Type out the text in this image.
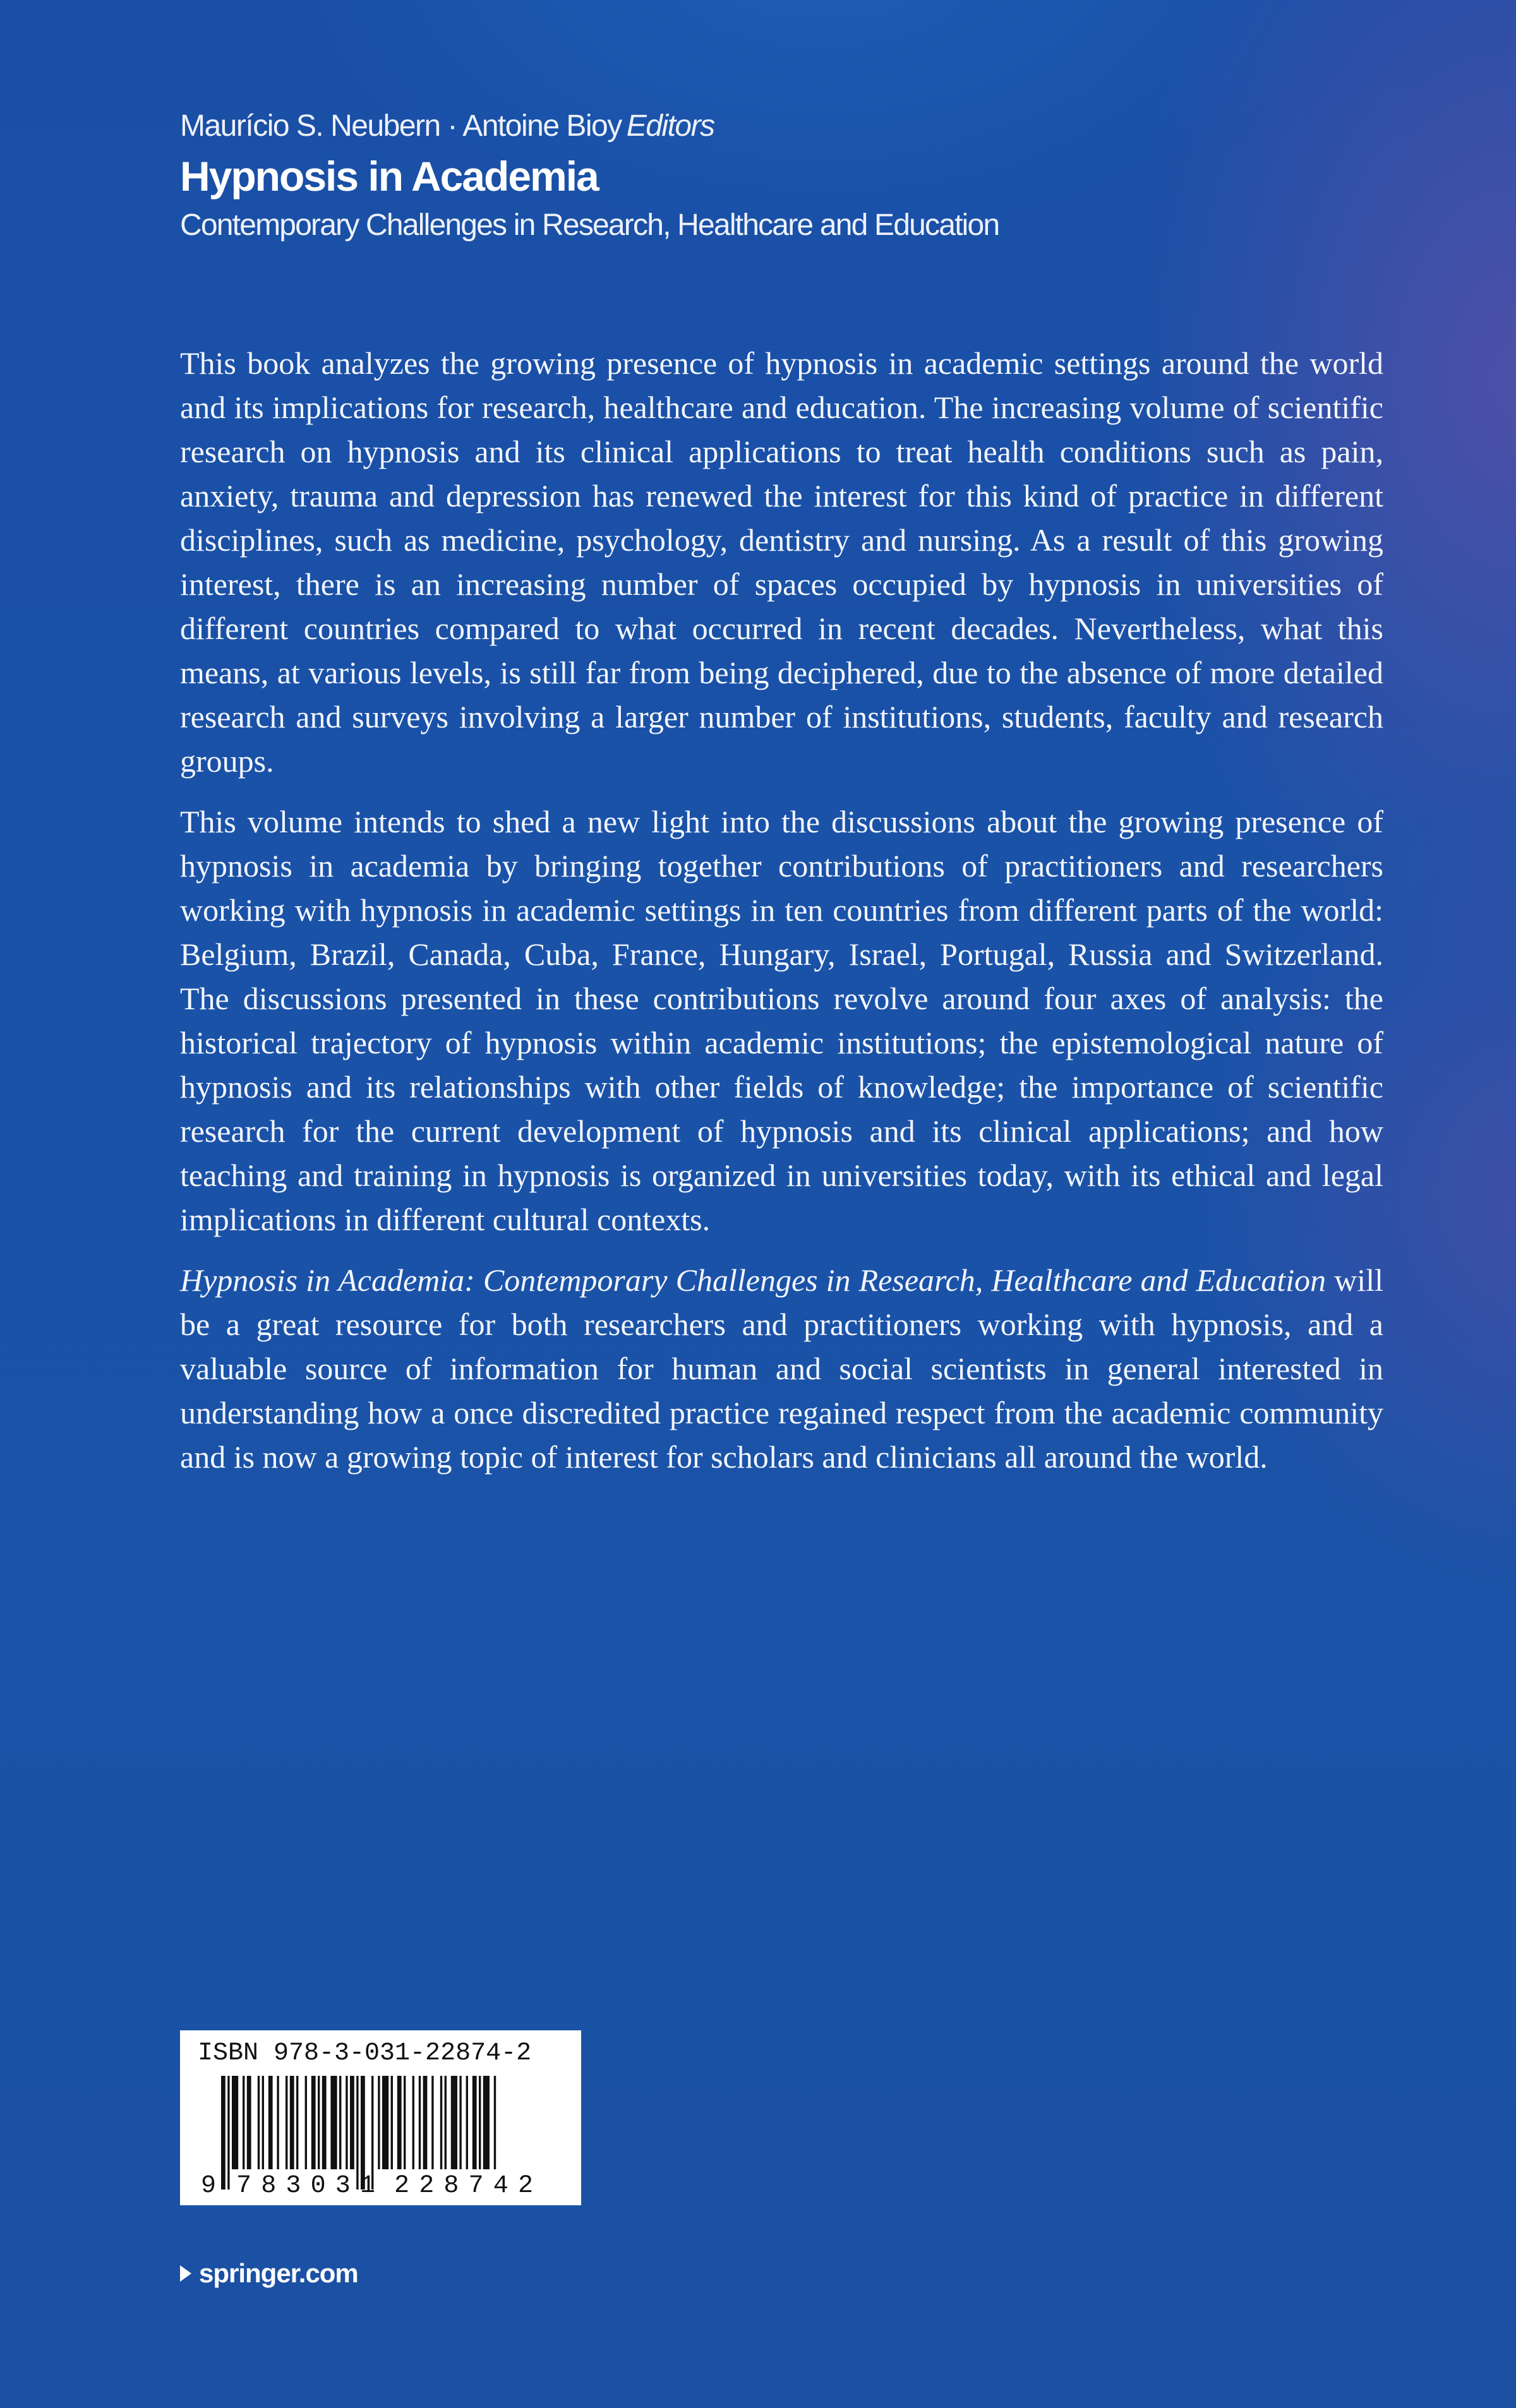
Maurício S. Neubern · Antoine Bioy Editors
Hypnosis in Academia
Contemporary Challenges in Research, Healthcare and Education

This book analyzes the growing presence of hypnosis in academic settings around the world and its implications for research, healthcare and education. The increasing volume of scientific research on hypnosis and its clinical applications to treat health conditions such as pain, anxiety, trauma and depression has renewed the interest for this kind of practice in different disciplines, such as medicine, psychology, dentistry and nursing. As a result of this growing interest, there is an increasing number of spaces occupied by hypnosis in universities of different countries compared to what occurred in recent decades. Nevertheless, what this means, at various levels, is still far from being deciphered, due to the absence of more detailed research and surveys involving a larger number of institutions, students, faculty and research groups.

This volume intends to shed a new light into the discussions about the growing presence of hypnosis in academia by bringing together contributions of practitioners and researchers working with hypnosis in academic settings in ten countries from different parts of the world: Belgium, Brazil, Canada, Cuba, France, Hungary, Israel, Portugal, Russia and Switzerland. The discussions presented in these contributions revolve around four axes of analysis: the historical trajectory of hypnosis within academic institutions; the epistemological nature of hypnosis and its relationships with other fields of knowledge; the importance of scientific research for the current development of hypnosis and its clinical applications; and how teaching and training in hypnosis is organized in universities today, with its ethical and legal implications in different cultural contexts.

Hypnosis in Academia: Contemporary Challenges in Research, Healthcare and Education will be a great resource for both researchers and practitioners working with hypnosis, and a valuable source of information for human and social scientists in general interested in understanding how a once discredited practice regained respect from the academic community and is now a growing topic of interest for scholars and clinicians all around the world.

ISBN 978-3-031-22874-2
9 783031 228742
springer.com
